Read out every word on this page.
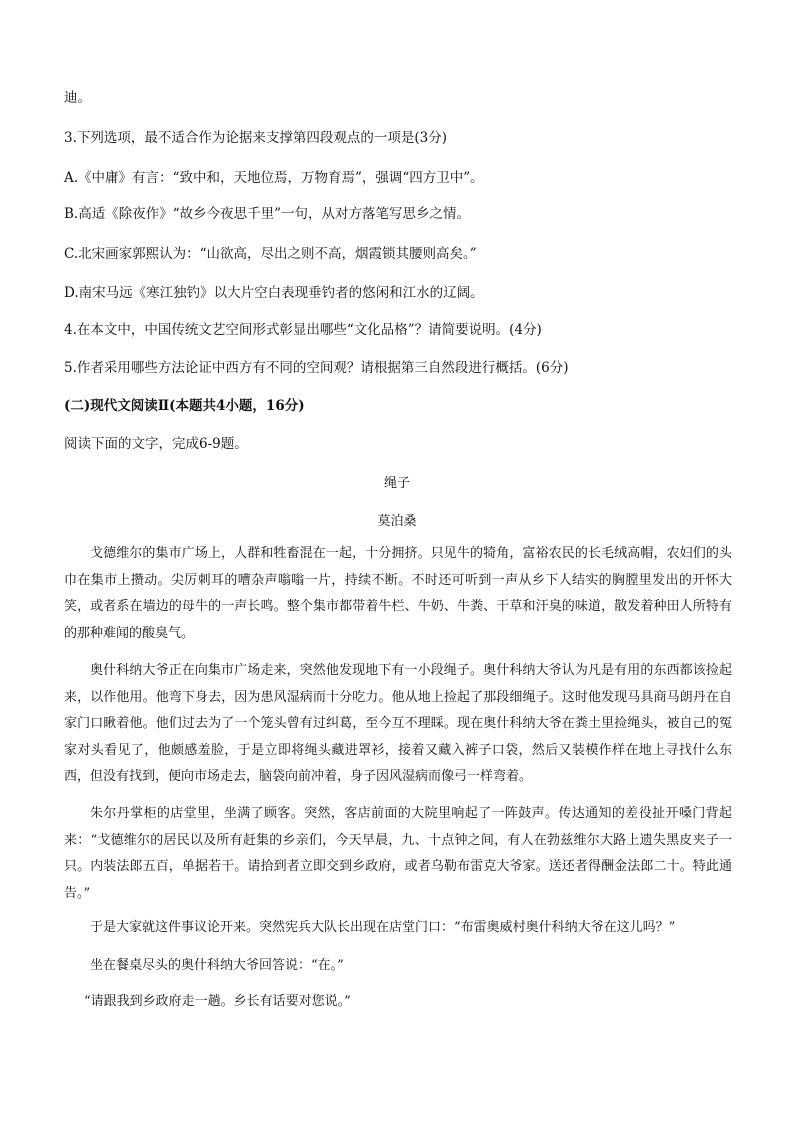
迪。
3.下列选项，最不适合作为论据来支撑第四段观点的一项是(3分)
A.《中庸》有言：“致中和，天地位焉，万物育焉”，强调“四方卫中”。
B.高适《除夜作》“故乡今夜思千里”一句，从对方落笔写思乡之情。
C.北宋画家郭熙认为：“山欲高，尽出之则不高，烟霞锁其腰则高矣。”
D.南宋马远《寒江独钓》以大片空白表现垂钓者的悠闲和江水的辽阔。
4.在本文中，中国传统文艺空间形式彰显出哪些“文化品格”？请简要说明。(4分)
5.作者采用哪些方法论证中西方有不同的空间观？请根据第三自然段进行概括。(6分)
(二)现代文阅读Ⅱ(本题共4小题，16分)
阅读下面的文字，完成6-9题。
绳子
莫泊桑
戈德维尔的集市广场上，人群和牲畜混在一起，十分拥挤。只见牛的犄角，富裕农民的长毛绒高帽，农妇们的头巾在集市上攒动。尖厉刺耳的嘈杂声嗡嗡一片，持续不断。不时还可听到一声从乡下人结实的胸膛里发出的开怀大笑，或者系在墙边的母牛的一声长鸣。整个集市都带着牛栏、牛奶、牛粪、干草和汗臭的味道，散发着种田人所特有的那种难闻的酸臭气。
奥什科纳大爷正在向集市广场走来，突然他发现地下有一小段绳子。奥什科纳大爷认为凡是有用的东西都该捡起来，以作他用。他弯下身去，因为患风湿病而十分吃力。他从地上捡起了那段细绳子。这时他发现马具商马朗丹在自家门口瞅着他。他们过去为了一个笼头曾有过纠葛，至今互不理睬。现在奥什科纳大爷在粪土里捡绳头，被自己的冤家对头看见了，他颇感羞脸，于是立即将绳头藏进罩衫，接着又藏入裤子口袋，然后又装模作样在地上寻找什么东西，但没有找到，便向市场走去，脑袋向前冲着，身子因风湿病而像弓一样弯着。
朱尔丹掌柜的店堂里，坐满了顾客。突然，客店前面的大院里响起了一阵鼓声。传达通知的差役扯开嗓门背起来：“戈德维尔的居民以及所有赶集的乡亲们，今天早晨，九、十点钟之间，有人在勃兹维尔大路上遗失黑皮夹子一只。内装法郎五百，单据若干。请拾到者立即交到乡政府，或者乌勒布雷克大爷家。送还者得酬金法郎二十。特此通告。”
于是大家就这件事议论开来。突然宪兵大队长出现在店堂门口：“布雷奥威村奥什科纳大爷在这儿吗？”
坐在餐桌尽头的奥什科纳大爷回答说：“在。”
“请跟我到乡政府走一趟。乡长有话要对您说。”
